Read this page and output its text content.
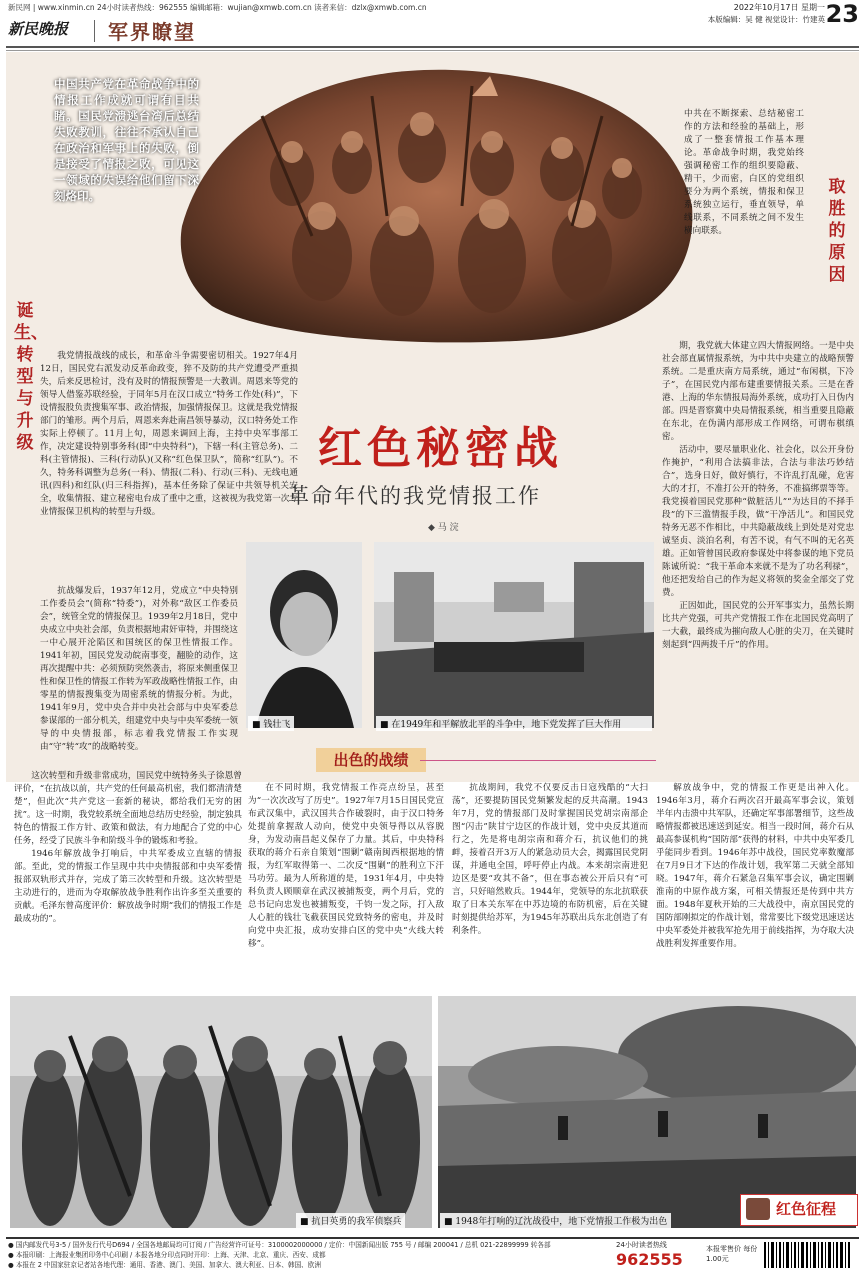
新民网 | www.xinmin.cn 24小时读者热线：962555 编辑邮箱：wujian@xmwb.com.cn 读者来信：dzlx@xmwb.com.cn	2022年10月17日 星期一
本版编辑：吴 健 视觉设计：竹建英 23
新民晚报 军界瞭望
中国共产党在革命战争中的情报工作成就可谓有目共睹。国民党溃逃台湾后总结失败教训，往往不承认自己在政治和军事上的失败，倒是接受了情报之败，可见这一领域的失误给他们留下深刻烙印。
中共在不断探索、总结秘密工作的方法和经验的基础上，形成了一整套情报工作基本理论。革命战争时期，我党始终强调秘密工作的组织要隐蔽、精干，少而密，白区的党组织要分为两个系统，情报和保卫系统独立运行，垂直领导，单线联系，不同系统之间不发生横向联系。
诞生、转型与升级
取胜的原因

我党情报战线的成长，和革命斗争需要密切相关。1927年4月12日，国民党右派发动反革命政变，猝不及防的共产党遭受严重损失，后来反思检讨，没有及时的情报预警是一大教训。周恩来等党的领导人借鉴苏联经验，于同年5月在汉口成立“特务工作处(科)”，下设情报股负责搜集军事、政治情报，加强情报保卫。这就是我党情报部门的雏形。两个月后，周恩来奔赴南昌领导暴动，汉口特务处工作实际上停顿了。11月上旬，周恩来调回上海，主持中央军事部工作，决定建设特别事务科(即“中央特科”)，下辖一科(主管总务)、二科(主管情报)、三科(行动队)(又称“红色保卫队”，简称“红队”)。不久，特务科调整为总务(一科)、情报(二科)、行动(三科)、无线电通讯(四科)和红队(归三科指挥)，基本任务除了保证中共领导机关安全，收集情报、建立秘密电台成了重中之重，这被视为我党第一次专业情报保卫机构的转型与升级。

抗战爆发后，1937年12月，党成立“中央特别工作委员会”(简称“特委”)，对外称“敌区工作委员会”，统管全党的情报保卫。1939年2月18日，党中央成立中央社会部，负责根据地肃奸审特，并围绕这一中心展开沦陷区和国统区的保卫性情报工作。1941年初，国民党发动皖南事变，翻脸的动作，这再次提醒中共：必须预防突然袭击，将原来侧重保卫性和保卫性的情报工作转为军政战略性情报工作，由零星的情报搜集变为周密系统的情报分析。为此，1941年9月，党中央合并中央社会部与中央军委总参谋部的一部分机关，组建党中央与中央军委统一领导的中央情报部，标志着我党情报工作实现由“守”转“攻”的战略转变。

这次转型和升级非常成功，国民党中统特务头子徐恩曾评价，“在抗战以前，共产党的任何最高机密，我们都清清楚楚”，但此次“共产党这一套新的秘诀，都给我们无穷的困扰”。这一时期，我党较系统全面地总结历史经验，制定独具特色的情报工作方针、政策和做法，有力地配合了党的中心任务，经受了民族斗争和阶级斗争的锻炼和考验。

1946年解放战争打响后，中共军委成立直辖的情报部。至此，党的情报工作呈现中共中央情报部和中央军委情报部双轨形式并存，完成了第三次转型和升级。这次转型是主动进行的，进而为夺取解放战争胜利作出许多至关重要的贡献。毛泽东曾高度评价：解放战争时期“我们的情报工作是最成功的”。

期，我党就大体建立四大情报网络。一是中央社会部直属情报系统，为中共中央建立的战略预警系统。二是重庆南方局系统，通过“布闲棋，下冷子”，在国民党内部布建重要情报关系。三是在香港、上海的华东情报局海外系统，成功打入日伪内部。四是晋察冀中央局情报系统，相当重要且隐蔽在东北，在伪满内部形成工作网络，可谓布棋缜密。

活动中，要尽量职业化、社会化，以公开身份作掩护，“利用合法搞非法，合法与非法巧妙结合”，选身日好，做好慎行，不许乱打乱碰，危害大的才打，不准打公开的特务，不准搞绑票等等。我党摸着国民党那种“做脏活儿”“为达目的不择手段”的下三滥情报手段，做“干净活儿”。和国民党特务无恶不作相比，中共隐蔽战线上到处是对党忠诚坚贞、淡泊名利，有苦不说，有气不叫的无名英雄。正如管曾国民政府参谋处中将参谋的地下党员陈诚所说：“我干革命本来就不是为了功名利禄”，他还把发给自己的作为起义将领的奖金全部交了党费。

正因如此，国民党的公开军事实力，虽然长期比共产党强，可共产党情报工作在北国民党高明了一大截，最终成为摧向敌人心脏的尖刀，在关键时刻起到“四两拨千斤”的作用。

红色秘密战
革命年代的我党情报工作
◆ 马 浣
■ 钱壮飞	■ 在1949年和平解放北平的斗争中，地下党发挥了巨大作用
出色的战绩

在不同时期，我党情报工作亮点纷呈，甚至为“一次次改写了历史”。1927年7月15日国民党宣布武汉集中，武汉国共合作破裂时，由于汉口特务处提前拿握敌人动向，使党中央领导得以从容脱身，为发动南昌起义保存了力量。其后，中央特科获取的蒋介石亲自策划“围剿”赣南闽西根据地的情报，为红军取得第一、二次反“围剿”的胜利立下汗马功劳。最为人所称道的是，1931年4月，中央特科负责人顾顺章在武汉被捕叛变，两个月后，党的总书记向忠发也被捕叛变，千钧一发之际，打入敌人心脏的钱壮飞截获国民党致特务的密电，并及时向党中央汇报，成功安排白区的党中央“火线大转移”。

抗战期间，我党不仅要反击日寇残酷的“大扫荡”，还要提防国民党频繁发起的反共高潮。1943年7月，党的情报部门及时掌握国民党胡宗南部企图“闪击”陕甘宁边区的作战计划，党中央反其道而行之，先是将电胡宗南和蒋介石，抗议他们的挑衅，接着召开3万人的紧急动员大会，揭露国民党阴谋，并通电全国，呼吁停止内战。本来胡宗南进犯边区是要“攻其不备”，但在事态被公开后只有“可言，只好暗然败兵。1944年，党领导的东北抗联获取了日本关东军在中苏边境的布防机密，后在关键时刻提供给苏军，为1945年苏联出兵东北创造了有利条件。

解放战争中，党的情报工作更是出神入化。1946年3月，蒋介石两次召开最高军事会议，策划半年内击溃中共军队，还确定军事部署细节，这些战略情报都被迅速送到延安。相当一段时间，蒋介石从最高参谋机构“国防部”获得的材料，中共中央军委几乎能同步看到。1946年苏中战役，国民党率数魔部在7月9日才下达的作战计划，我军第二天就全部知晓。1947年，蒋介石紧急召集军事会议，确定围剿淮南的中原作战方案，可相关情报还是传到中共方面。1948年夏秋开始的三大战役中，南京国民党的国防部刚拟定的作战计划，常常要比下级党迅速送达中央军委处并被我军抢先用于前线指挥，为夺取大决战胜利发挥重要作用。

■ 抗日英勇的我军侦察兵	■ 1948年打响的辽沈战役中，地下党情报工作极为出色
红色征程
● 国内邮发代号3-5 / 国外发行代号D694 / 全国各地邮局均可订阅 / 广告经营许可证号：3100002000000 / 定价：中国新闻出版 755 号 / 邮编 200041 / 总机 021-22899999 转各部
● 本报印刷：上海报业集团印务中心印刷 / 本报各地分印点同时开印：上海、天津、北京、重庆、西安、成都
● 本报在 2 中国家驻京记者站各地代理：通用、香港、澳门、美国、加拿大、澳大利亚、日本、韩国、欧洲
24小时读者热线
962555
本报零售价 每份 1.00元
